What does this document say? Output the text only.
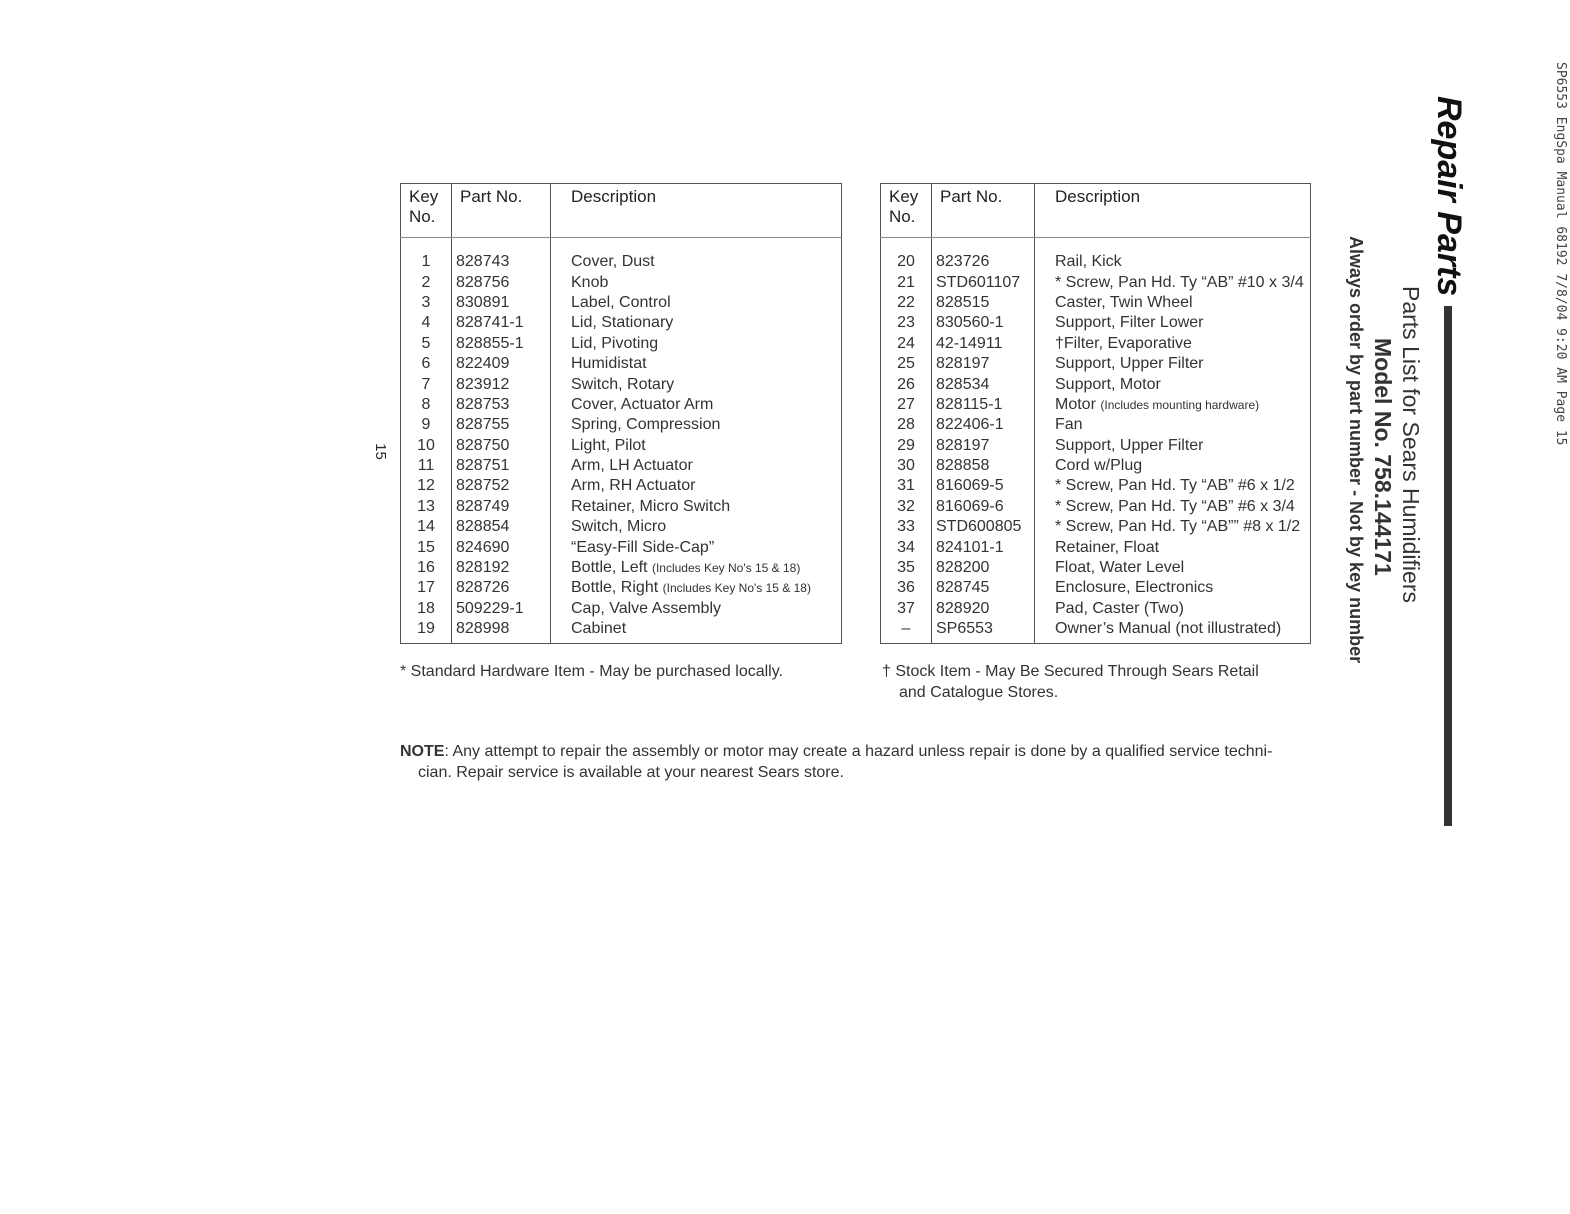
SP6553 EngSpa Manual 68192 7/8/04 9:20 AM Page 15
Repair Parts
Parts List for Sears Humidifiers
Model No. 758.144171
Always order by part number - Not by key number
15
Key
No.	Part No.	Description
1	828743	Cover, Dust
2	828756	Knob
3	830891	Label, Control
4	828741-1	Lid, Stationary
5	828855-1	Lid, Pivoting
6	822409	Humidistat
7	823912	Switch, Rotary
8	828753	Cover, Actuator Arm
9	828755	Spring, Compression
10	828750	Light, Pilot
11	828751	Arm, LH Actuator
12	828752	Arm, RH Actuator
13	828749	Retainer, Micro Switch
14	828854	Switch, Micro
15	824690	“Easy-Fill Side-Cap”
16	828192	Bottle, Left (Includes Key No's 15 & 18)
17	828726	Bottle, Right (Includes Key No's 15 & 18)
18	509229-1	Cap, Valve Assembly
19	828998	Cabinet
Key
No.	Part No.	Description
20	823726	Rail, Kick
21	STD601107	* Screw, Pan Hd. Ty “AB” #10 x 3/4
22	828515	Caster, Twin Wheel
23	830560-1	Support, Filter Lower
24	42-14911	†Filter, Evaporative
25	828197	Support, Upper Filter
26	828534	Support, Motor
27	828115-1	Motor (Includes mounting hardware)
28	822406-1	Fan
29	828197	Support, Upper Filter
30	828858	Cord w/Plug
31	816069-5	* Screw, Pan Hd. Ty “AB” #6 x 1/2
32	816069-6	* Screw, Pan Hd. Ty “AB” #6 x 3/4
33	STD600805	* Screw, Pan Hd. Ty “AB”” #8 x 1/2
34	824101-1	Retainer, Float
35	828200	Float, Water Level
36	828745	Enclosure, Electronics
37	828920	Pad, Caster (Two)
–	SP6553	Owner’s Manual (not illustrated)
* Standard Hardware Item - May be purchased locally.	† Stock Item - May Be Secured Through Sears Retail
and Catalogue Stores.
NOTE: Any attempt to repair the assembly or motor may create a hazard unless repair is done by a qualified service techni-
cian. Repair service is available at your nearest Sears store.
